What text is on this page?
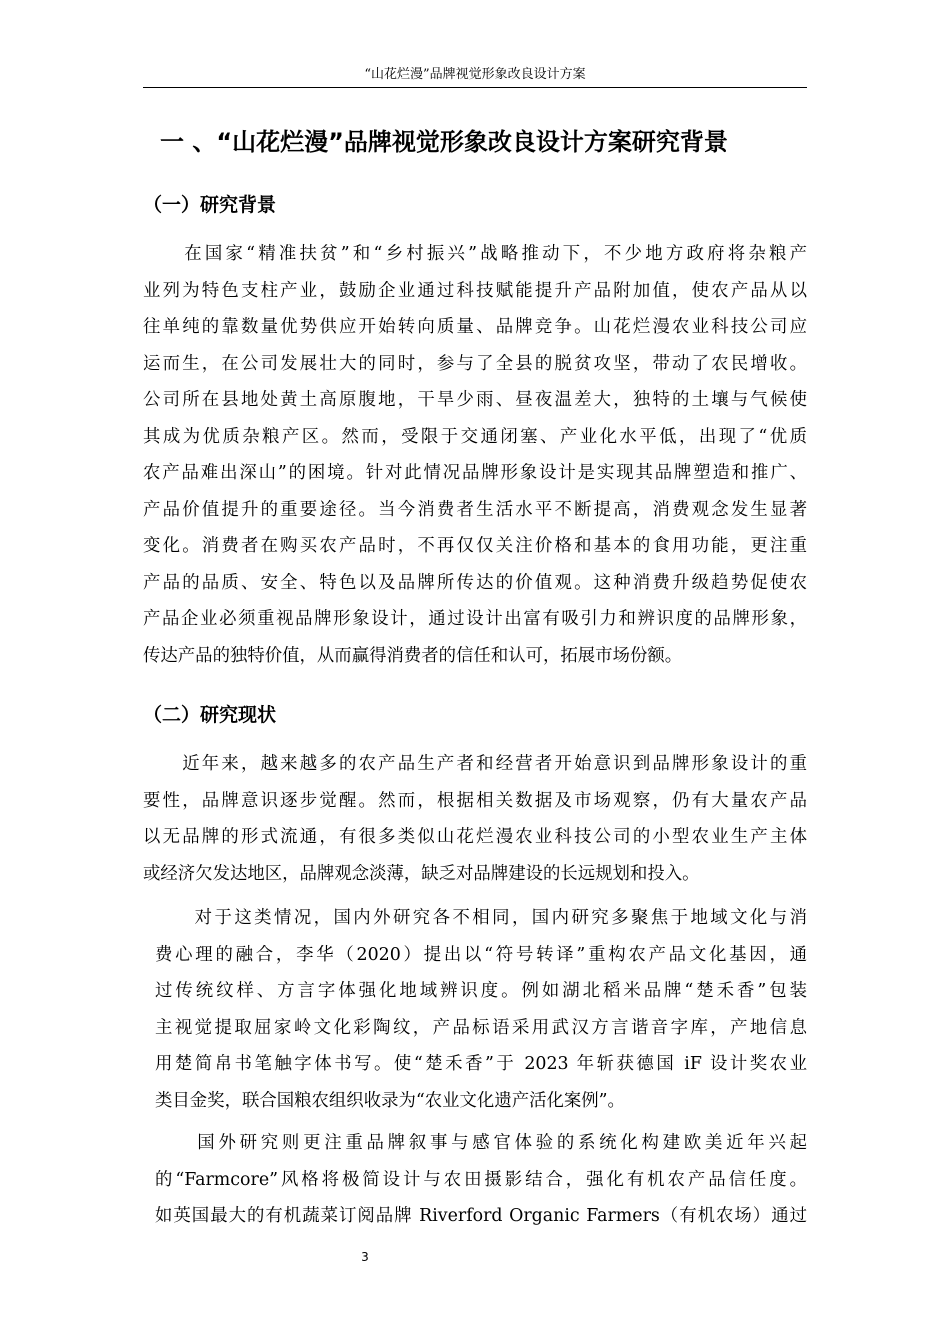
“山花烂漫”品牌视觉形象改良设计方案
一 、“山花烂漫”品牌视觉形象改良设计方案研究背景
（一）研究背景
　　在国家“精准扶贫”和“乡村振兴”战略推动下，不少地方政府将杂粮产
业列为特色支柱产业，鼓励企业通过科技赋能提升产品附加值，使农产品从以
往单纯的靠数量优势供应开始转向质量、品牌竞争。山花烂漫农业科技公司应
运而生，在公司发展壮大的同时，参与了全县的脱贫攻坚，带动了农民增收。
公司所在县地处黄土高原腹地，干旱少雨、昼夜温差大，独特的土壤与气候使
其成为优质杂粮产区。然而，受限于交通闭塞、产业化水平低，出现了“优质
农产品难出深山”的困境。针对此情况品牌形象设计是实现其品牌塑造和推广、
产品价值提升的重要途径。当今消费者生活水平不断提高，消费观念发生显著
变化。消费者在购买农产品时，不再仅仅关注价格和基本的食用功能，更注重
产品的品质、安全、特色以及品牌所传达的价值观。这种消费升级趋势促使农
产品企业必须重视品牌形象设计，通过设计出富有吸引力和辨识度的品牌形象，
传达产品的独特价值，从而赢得消费者的信任和认可，拓展市场份额。
（二）研究现状
　　近年来，越来越多的农产品生产者和经营者开始意识到品牌形象设计的重
要性，品牌意识逐步觉醒。然而，根据相关数据及市场观察，仍有大量农产品
以无品牌的形式流通，有很多类似山花烂漫农业科技公司的小型农业生产主体
或经济欠发达地区，品牌观念淡薄，缺乏对品牌建设的长远规划和投入。
　　对于这类情况，国内外研究各不相同，国内研究多聚焦于地域文化与消
费心理的融合，李华（2020）提出以“符号转译”重构农产品文化基因，通
过传统纹样、方言字体强化地域辨识度。例如湖北稻米品牌“楚禾香”包装
主视觉提取屈家岭文化彩陶纹，产品标语采用武汉方言谐音字库，产地信息
用楚简帛书笔触字体书写。使“楚禾香”于 2023 年斩获德国 iF 设计奖农业
类目金奖，联合国粮农组织收录为“农业文化遗产活化案例”。
　　国外研究则更注重品牌叙事与感官体验的系统化构建欧美近年兴起
的“Farmcore”风格将极简设计与农田摄影结合，强化有机农产品信任度。
如英国最大的有机蔬菜订阅品牌 Riverford Organic Farmers（有机农场）通过
3
